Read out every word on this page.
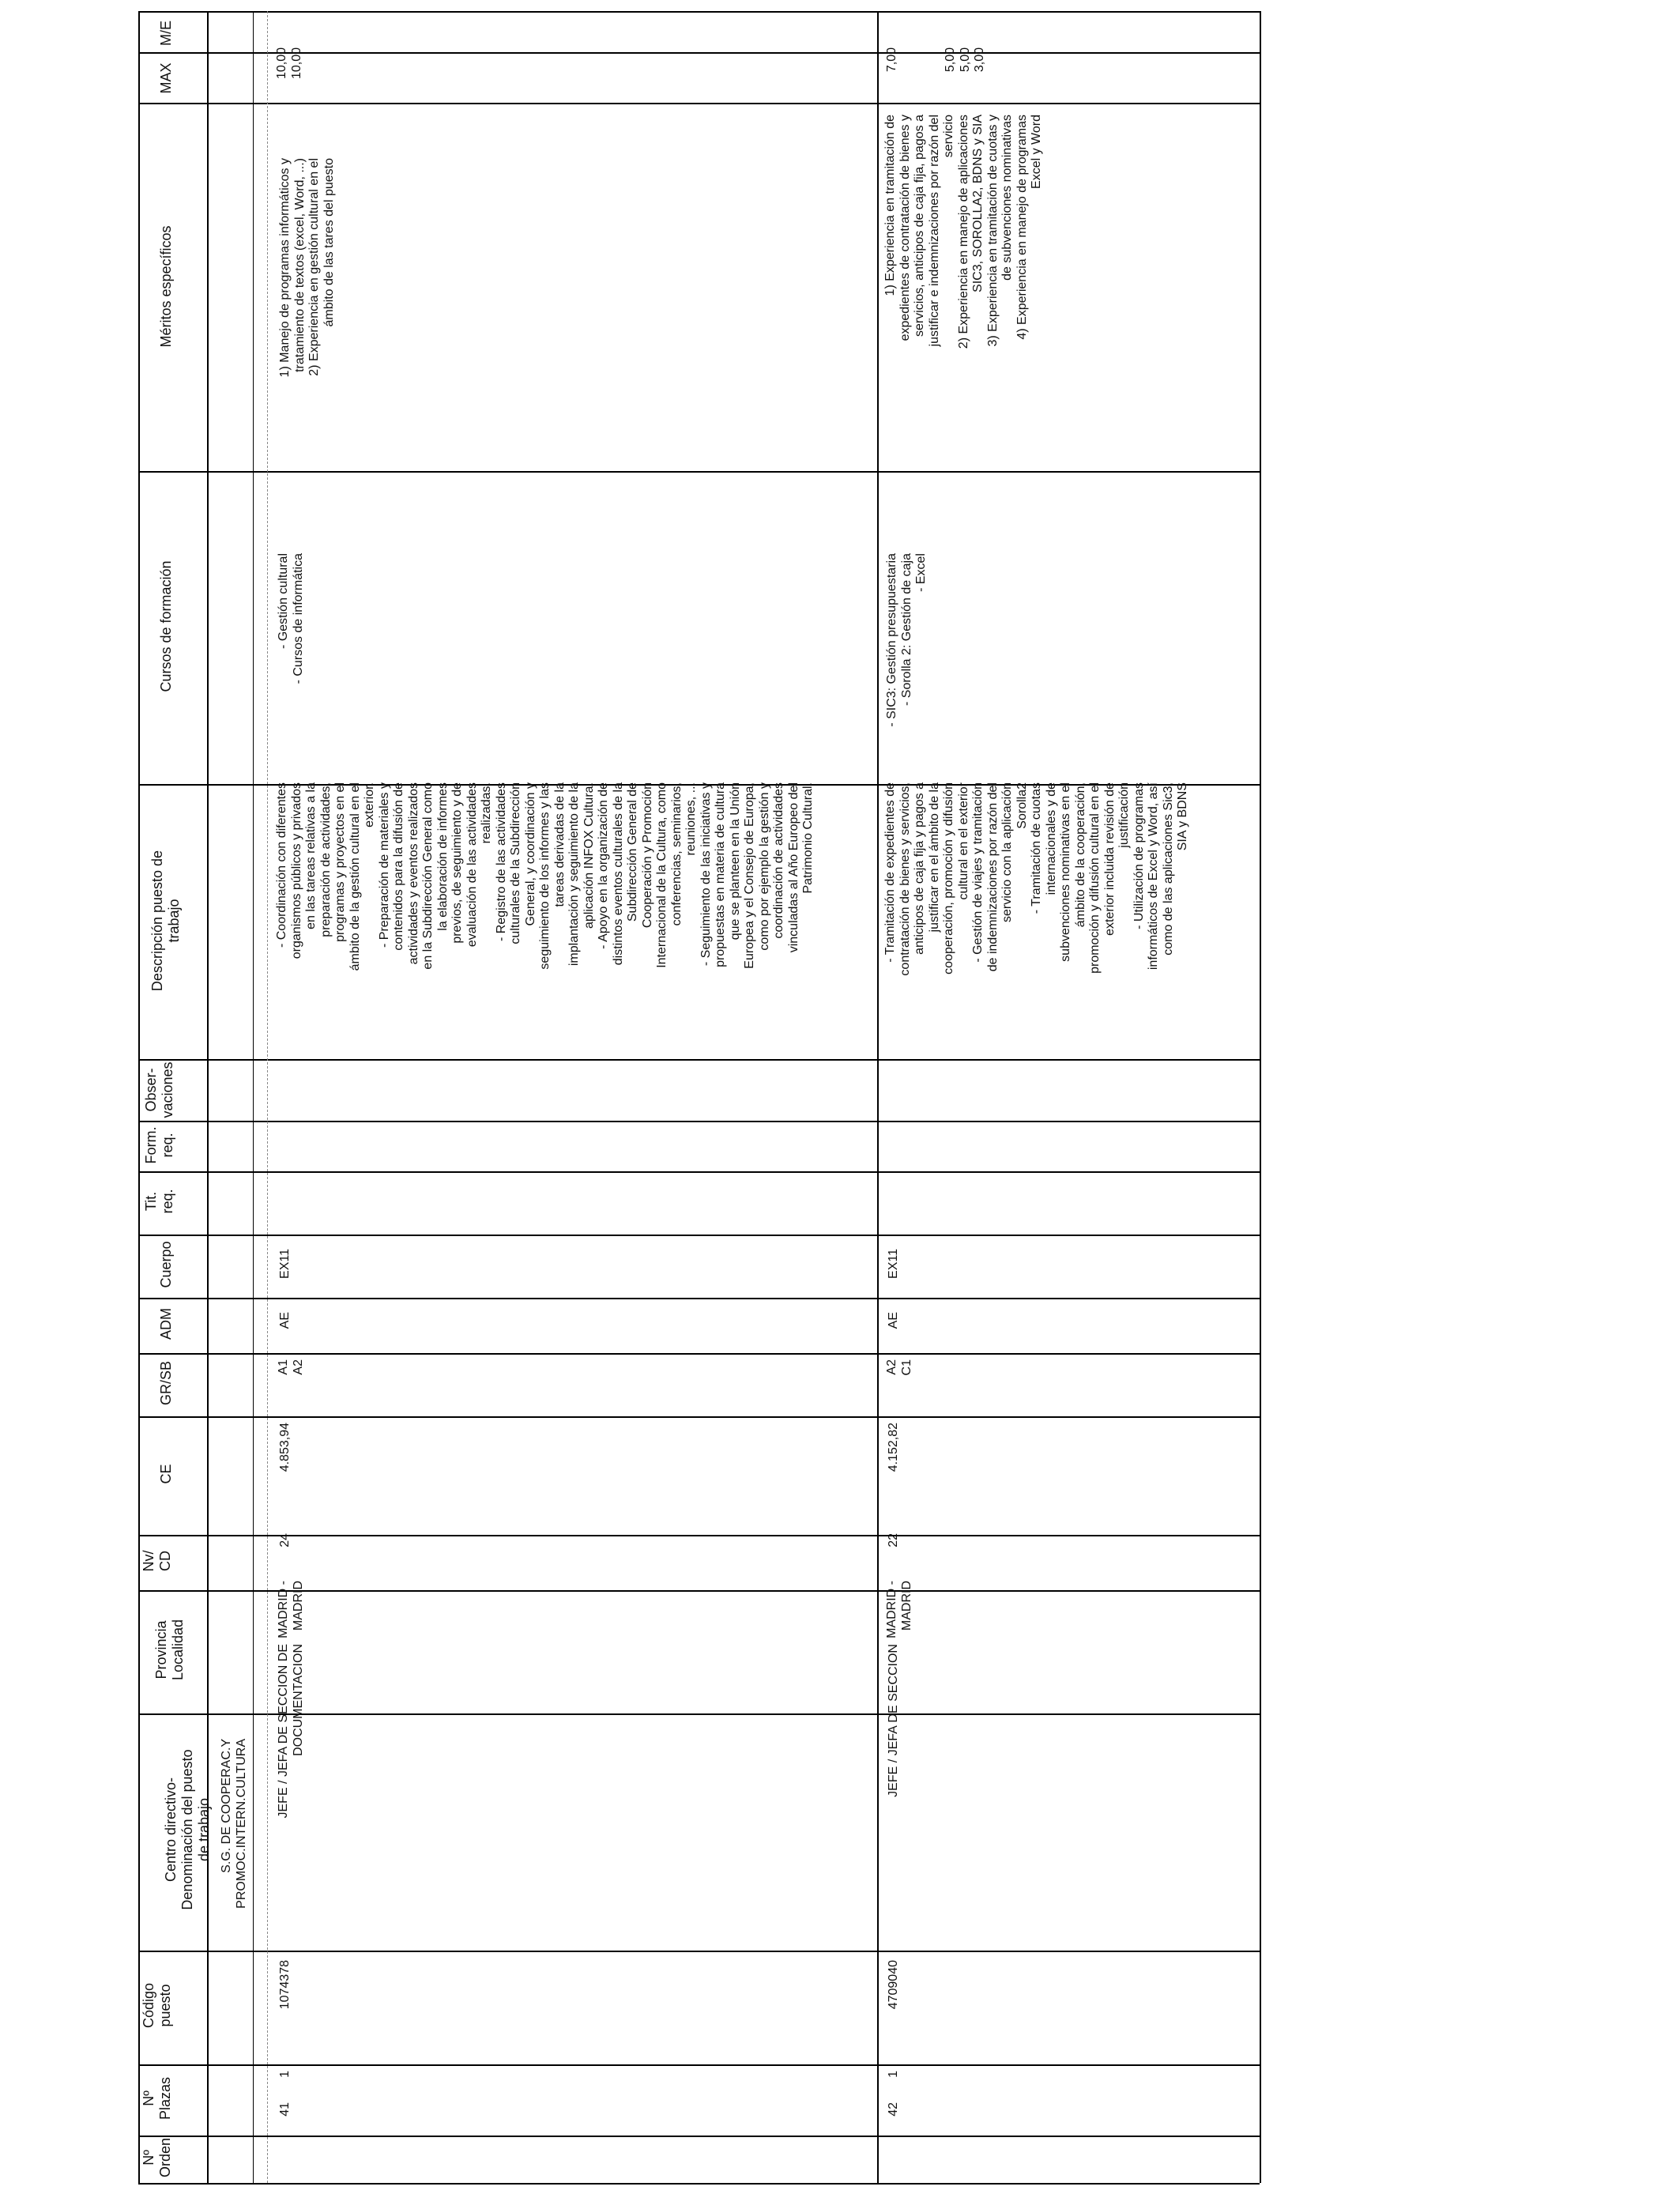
Nº
Orden
Nº
Plazas
Código
puesto
Centro directivo-
Denominación del puesto
de trabajo
Provincia
Localidad
Nv/
CD
CE
GR/SB
ADM
Cuerpo
Tit.
req.
Form.
req.
Obser-
vaciones
Descripción puesto de
trabajo
Cursos de formación
Méritos específicos
MAX
M/E
S.G. DE COOPERAC.Y
PROMOC.INTERN.CULTURA
41
1
1074378
JEFE / JEFA DE SECCION DE
DOCUMENTACION
MADRID -
MADRID
24
4.853,94
A1
A2
AE
EX11
- Coordinación con diferentes
organismos públicos y privados
en las tareas relativas a la
preparación de actividades,
programas y proyectos en el
ámbito de la gestión cultural en el
exterior.
- Preparación de materiales y
contenidos para la difusión de
actividades y eventos realizados
en la Subdirección General como
la elaboración de informes
previos, de seguimiento y de
evaluación de las actividades
realizadas.
- Registro de las actividades
culturales de la Subdirección
General, y coordinación y
seguimiento de los informes y las
tareas derivadas de la
implantación y seguimiento de la
aplicación INFOX Cultura.
- Apoyo en la organización de
distintos eventos culturales de la
Subdirección General de
Cooperación y Promoción
Internacional de la Cultura, como
conferencias, seminarios,
reuniones, ...
- Seguimiento de las iniciativas y
propuestas en materia de cultura
que se planteen en la Unión
Europea y el Consejo de Europa,
como por ejemplo la gestión y
coordinación de actividades
vinculadas al Año Europeo del
Patrimonio Cultural.
- Gestión cultural
- Cursos de informática
1) Manejo de programas informáticos y
tratamiento de textos (excel, Word, ...)
2) Experiencia en gestión cultural en el
ámbito de las tares del puesto
10,00
10,00
42
1
4709040
JEFE / JEFA DE SECCION
MADRID -
MADRID
22
4.152,82
A2
C1
AE
EX11
- Tramitación de expedientes de
contratación de bienes y servicios,
anticipos de caja fija y pagos a
justificar en el ámbito de la
cooperación, promoción y difusión
cultural en el exterior
- Gestión de viajes y tramitación
de indemnizaciones por razón del
servicio con la aplicación
Sorolla2
- Tramitación de cuotas
internacionales y de
subvenciones nominativas en el
ámbito de la cooperación,
promoción y difusión cultural en el
exterior incluida revisión de
justificación
- Utilización de programas
informáticos de Excel y Word, así
como de las aplicaciones Sic3,
SIA y BDNS
- SIC3: Gestión presupuestaria
- Sorolla 2: Gestión de caja
- Excel
1) Experiencia en tramitación de
expedientes de contratación de bienes y
servicios, anticipos de caja fija, pagos a
justificar e indemnizaciones por razón del
servicio
2) Experiencia en manejo de aplicaciones
SIC3, SOROLLA2, BDNS y SIA
3) Experiencia en tramitación de cuotas y
de subvenciones nominativas
4) Experiencia en manejo de programas
Excel y Word
7,00

5,00
5,00
3,00
